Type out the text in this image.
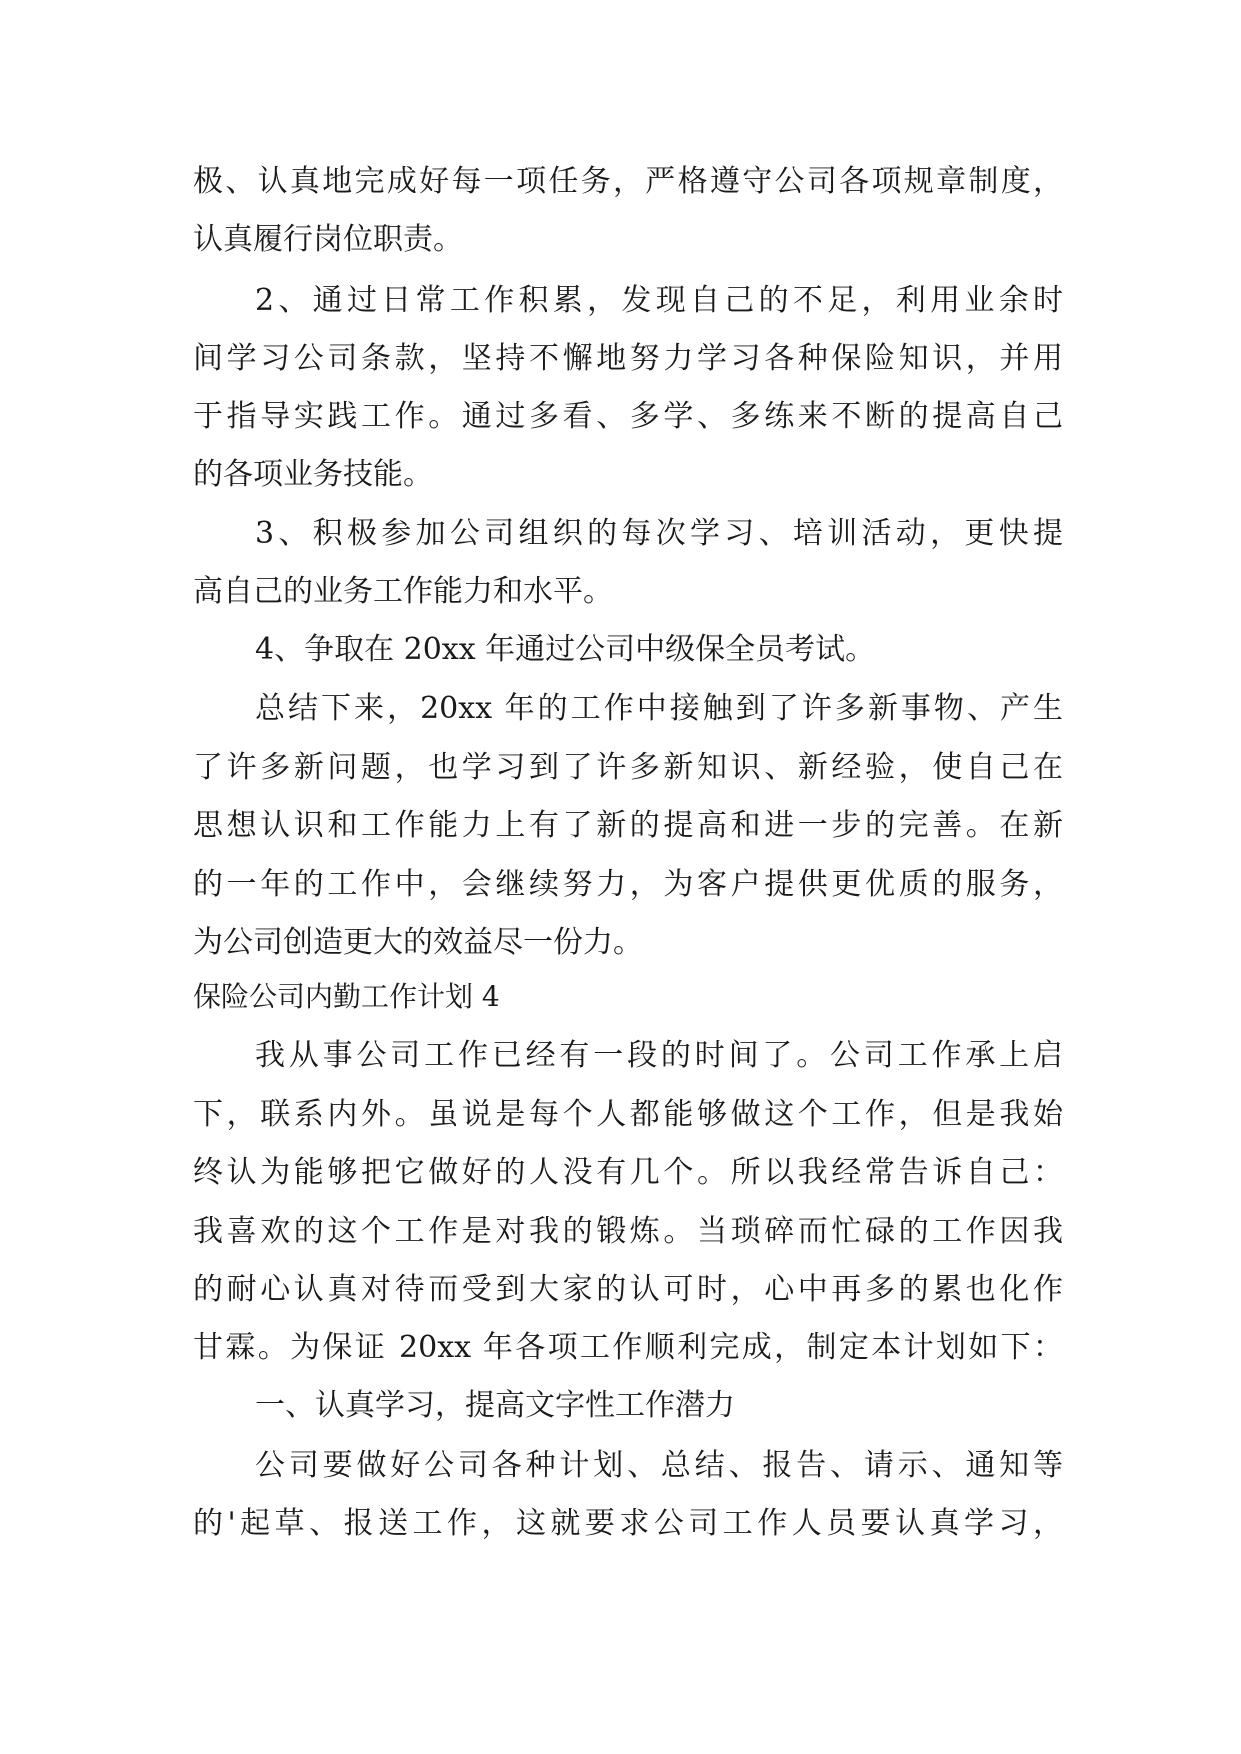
极、认真地完成好每一项任务，严格遵守公司各项规章制度，

认真履行岗位职责。

2、通过日常工作积累，发现自己的不足，利用业余时

间学习公司条款，坚持不懈地努力学习各种保险知识，并用

于指导实践工作。通过多看、多学、多练来不断的提高自己

的各项业务技能。

3、积极参加公司组织的每次学习、培训活动，更快提

高自己的业务工作能力和水平。

4、争取在 20xx 年通过公司中级保全员考试。

总结下来，20xx 年的工作中接触到了许多新事物、产生

了许多新问题，也学习到了许多新知识、新经验，使自己在

思想认识和工作能力上有了新的提高和进一步的完善。在新

的一年的工作中，会继续努力，为客户提供更优质的服务，

为公司创造更大的效益尽一份力。

保险公司内勤工作计划 4

我从事公司工作已经有一段的时间了。公司工作承上启

下，联系内外。虽说是每个人都能够做这个工作，但是我始

终认为能够把它做好的人没有几个。所以我经常告诉自己：

我喜欢的这个工作是对我的锻炼。当琐碎而忙碌的工作因我

的耐心认真对待而受到大家的认可时，心中再多的累也化作

甘霖。为保证 20xx 年各项工作顺利完成，制定本计划如下：

一、认真学习，提高文字性工作潜力

公司要做好公司各种计划、总结、报告、请示、通知等

的'起草、报送工作，这就要求公司工作人员要认真学习，
